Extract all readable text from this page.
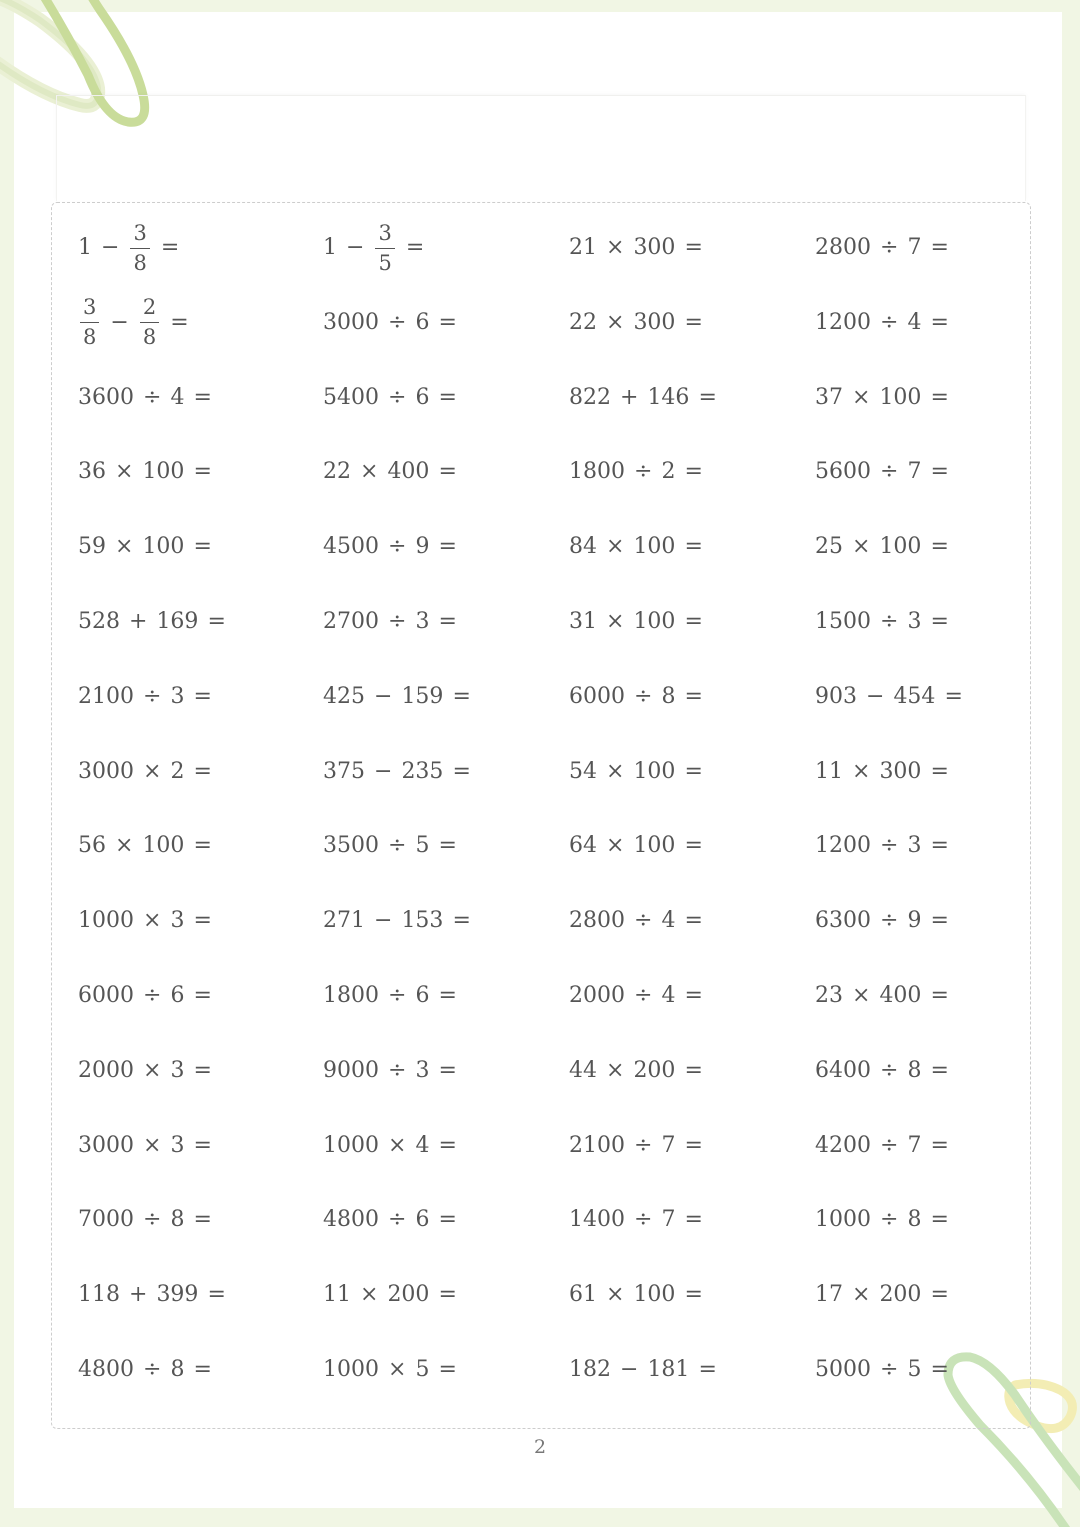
$1 - \frac{3}{8}$ =	$1 - \frac{3}{5}$ =	21 × 300 =	2800 ÷ 7 =
$\frac{3}{8} - \frac{2}{8}$ =	3000 ÷ 6 =	22 × 300 =	1200 ÷ 4 =
3600 ÷ 4 =	5400 ÷ 6 =	822 + 146 =	37 × 100 =
36 × 100 =	22 × 400 =	1800 ÷ 2 =	5600 ÷ 7 =
59 × 100 =	4500 ÷ 9 =	84 × 100 =	25 × 100 =
528 + 169 =	2700 ÷ 3 =	31 × 100 =	1500 ÷ 3 =
2100 ÷ 3 =	425 − 159 =	6000 ÷ 8 =	903 − 454 =
3000 × 2 =	375 − 235 =	54 × 100 =	11 × 300 =
56 × 100 =	3500 ÷ 5 =	64 × 100 =	1200 ÷ 3 =
1000 × 3 =	271 − 153 =	2800 ÷ 4 =	6300 ÷ 9 =
6000 ÷ 6 =	1800 ÷ 6 =	2000 ÷ 4 =	23 × 400 =
2000 × 3 =	9000 ÷ 3 =	44 × 200 =	6400 ÷ 8 =
3000 × 3 =	1000 × 4 =	2100 ÷ 7 =	4200 ÷ 7 =
7000 ÷ 8 =	4800 ÷ 6 =	1400 ÷ 7 =	1000 ÷ 8 =
118 + 399 =	11 × 200 =	61 × 100 =	17 × 200 =
4800 ÷ 8 =	1000 × 5 =	182 − 181 =	5000 ÷ 5 =
2
